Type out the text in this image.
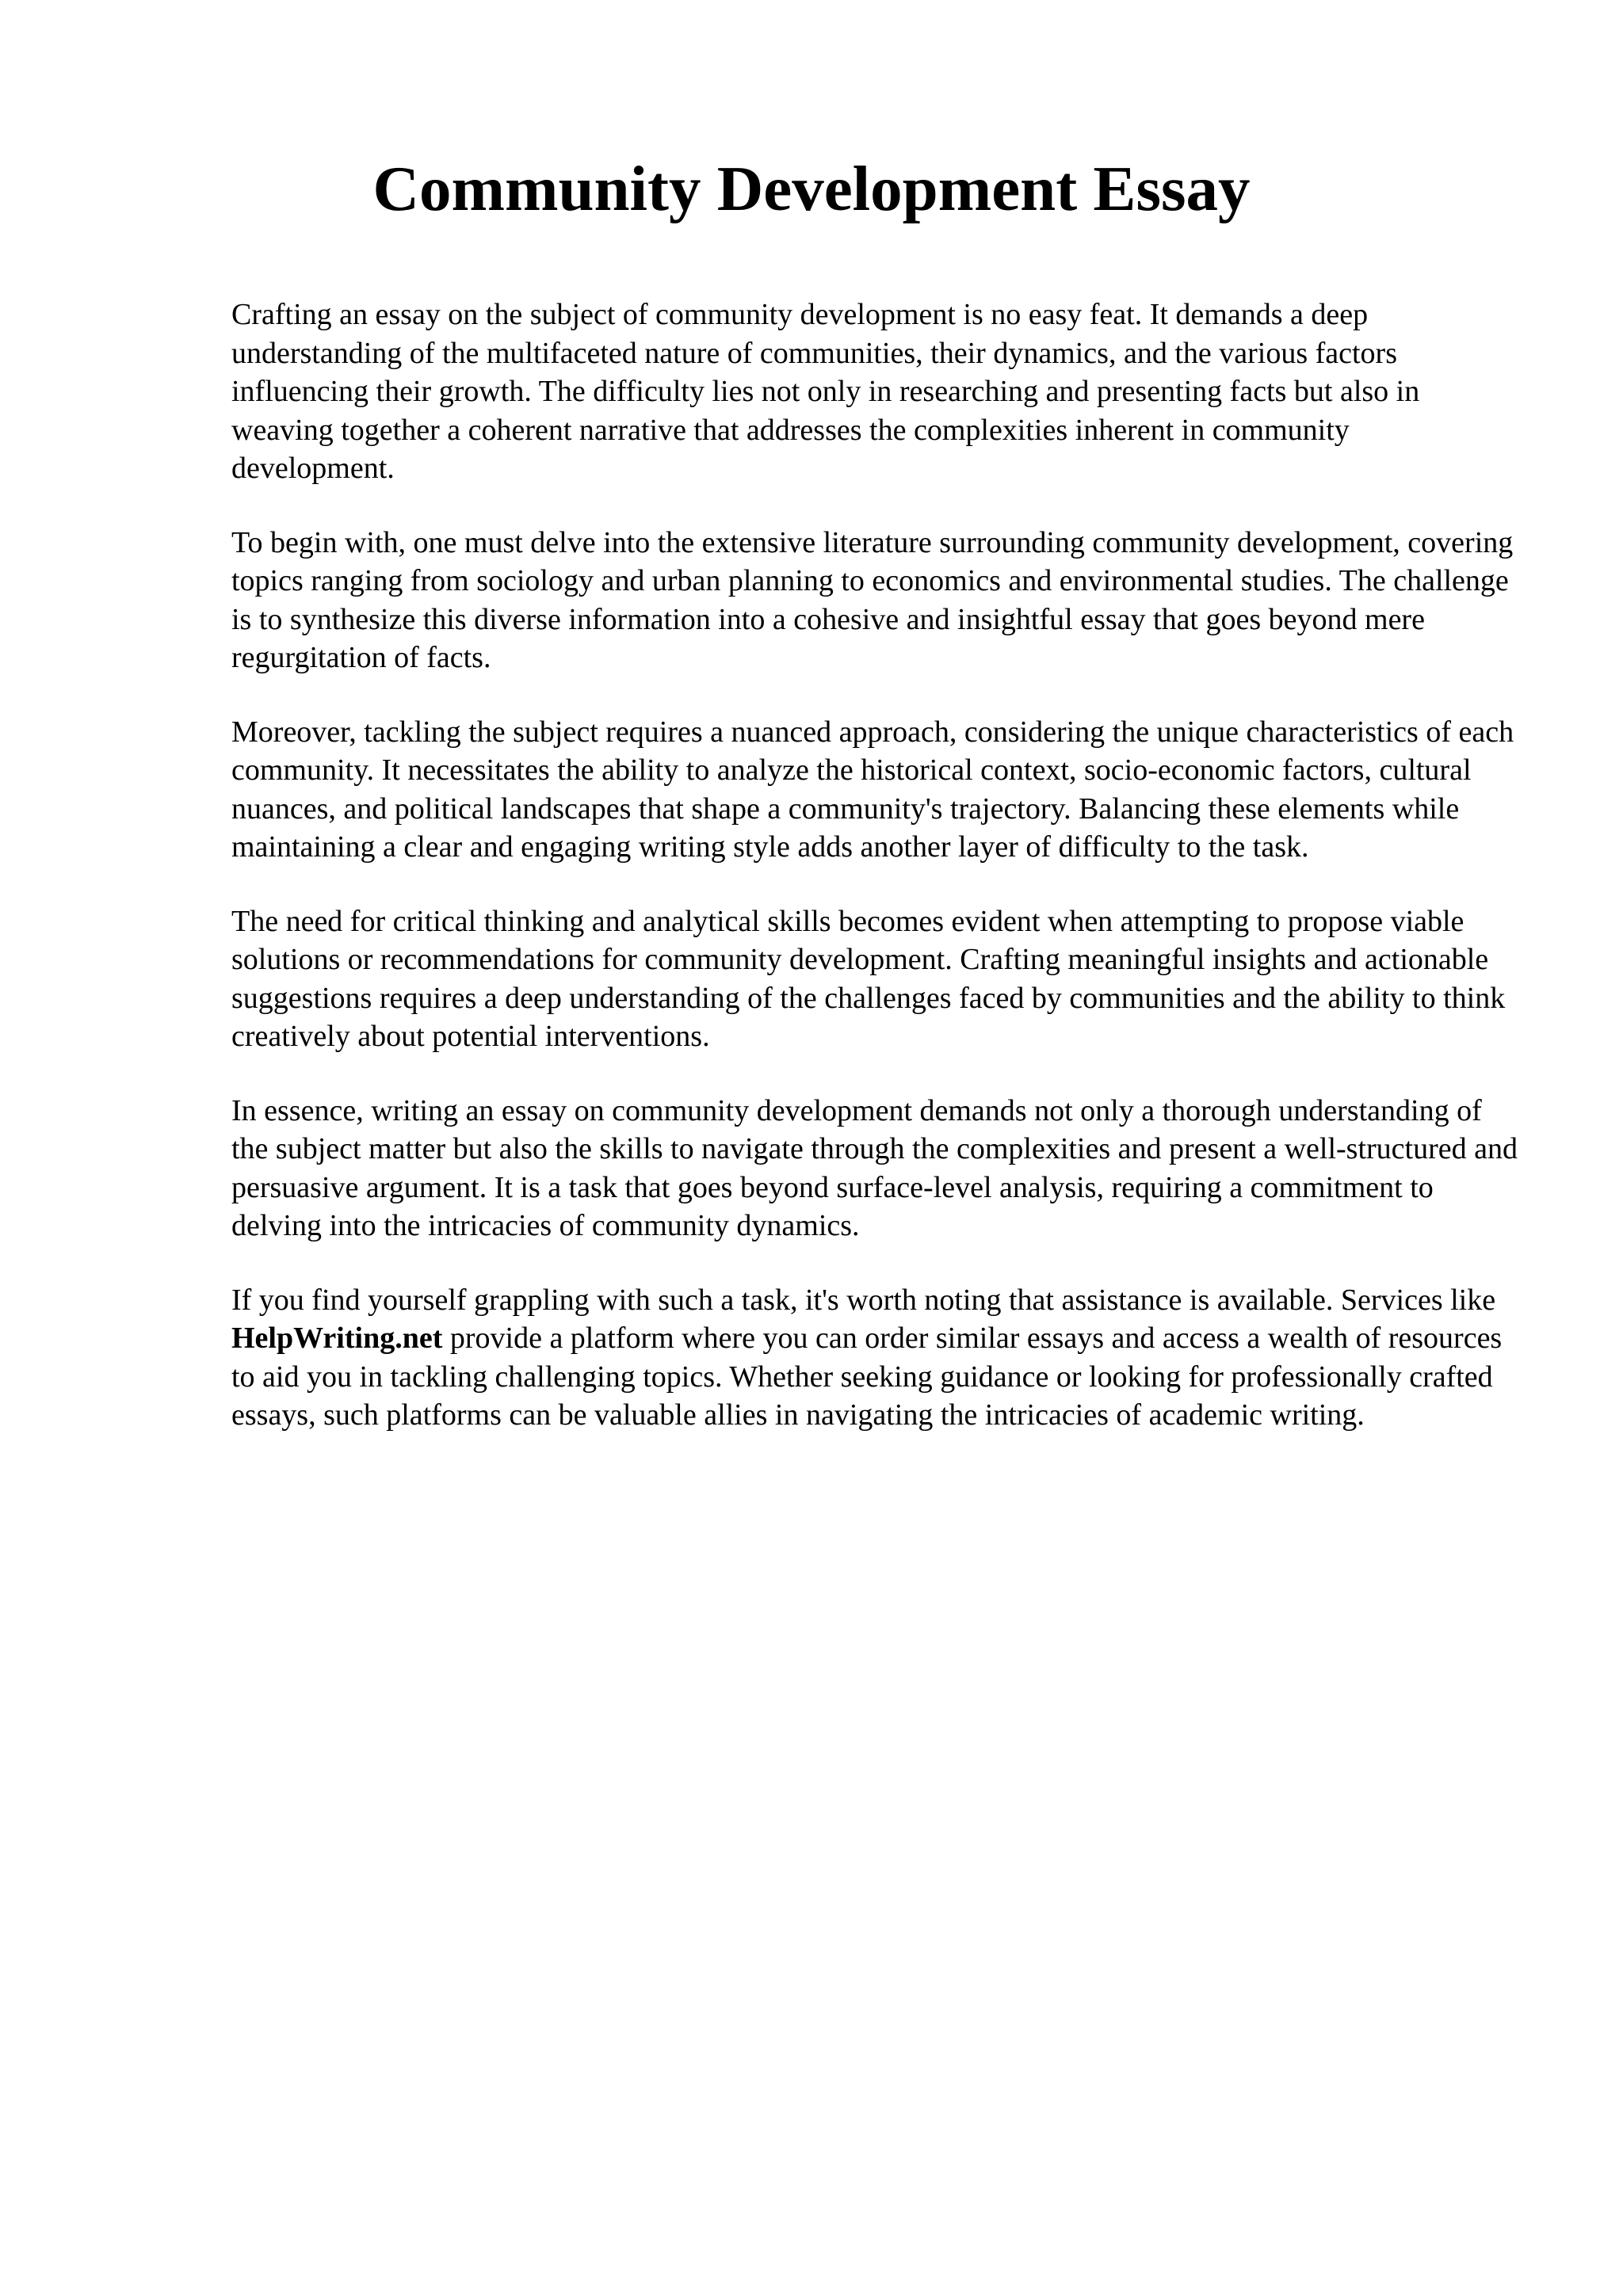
Community Development Essay

Crafting an essay on the subject of community development is no easy feat. It demands a deep understanding of the multifaceted nature of communities, their dynamics, and the various factors influencing their growth. The difficulty lies not only in researching and presenting facts but also in weaving together a coherent narrative that addresses the complexities inherent in community development.

To begin with, one must delve into the extensive literature surrounding community development, covering topics ranging from sociology and urban planning to economics and environmental studies. The challenge is to synthesize this diverse information into a cohesive and insightful essay that goes beyond mere regurgitation of facts.

Moreover, tackling the subject requires a nuanced approach, considering the unique characteristics of each community. It necessitates the ability to analyze the historical context, socio-economic factors, cultural nuances, and political landscapes that shape a community's trajectory. Balancing these elements while maintaining a clear and engaging writing style adds another layer of difficulty to the task.

The need for critical thinking and analytical skills becomes evident when attempting to propose viable solutions or recommendations for community development. Crafting meaningful insights and actionable suggestions requires a deep understanding of the challenges faced by communities and the ability to think creatively about potential interventions.

In essence, writing an essay on community development demands not only a thorough understanding of the subject matter but also the skills to navigate through the complexities and present a well-structured and persuasive argument. It is a task that goes beyond surface-level analysis, requiring a commitment to delving into the intricacies of community dynamics.

If you find yourself grappling with such a task, it's worth noting that assistance is available. Services like HelpWriting.net provide a platform where you can order similar essays and access a wealth of resources to aid you in tackling challenging topics. Whether seeking guidance or looking for professionally crafted essays, such platforms can be valuable allies in navigating the intricacies of academic writing.
